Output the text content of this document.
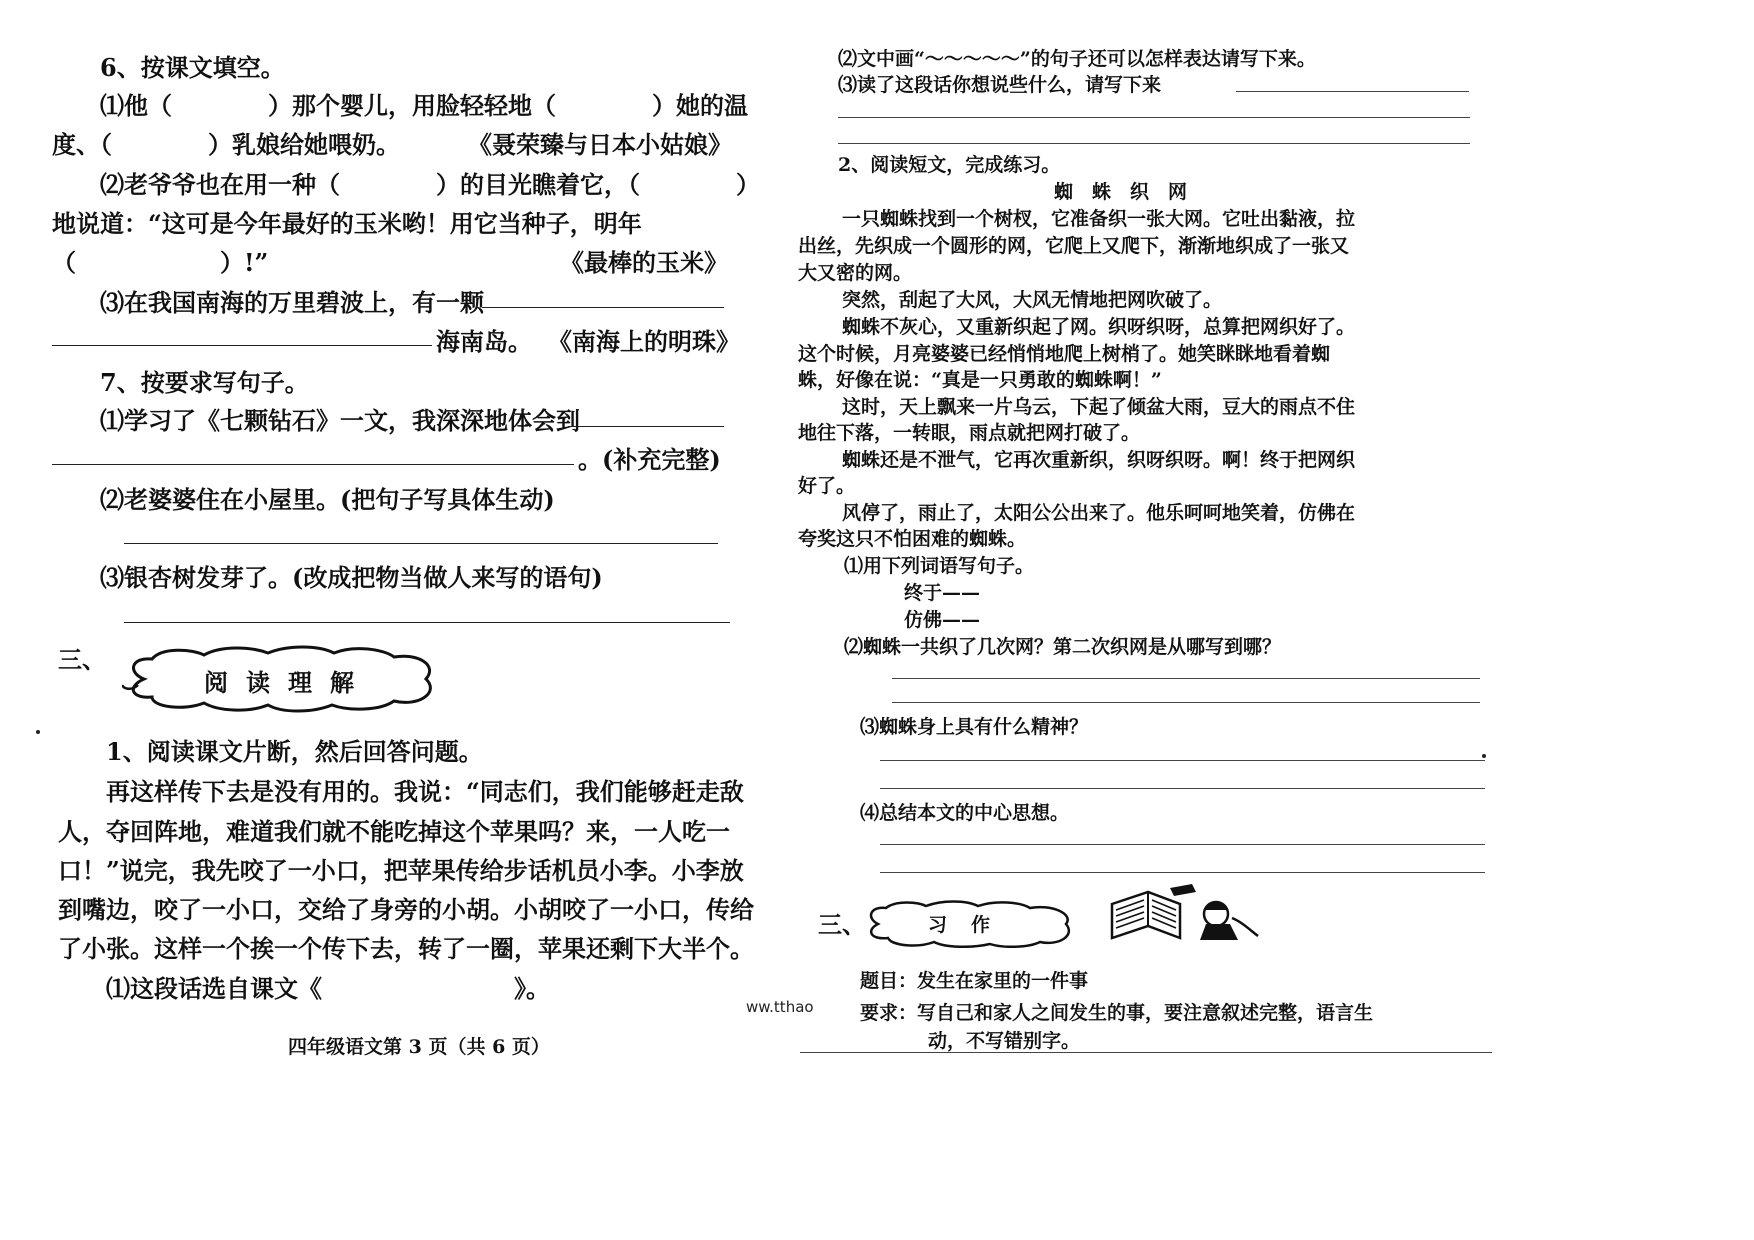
6、按课文填空。
⑴他（　　　　）那个婴儿，用脸轻轻地（　　　　）她的温
度、（　　　　）乳娘给她喂奶。	《聂荣臻与日本小姑娘》
⑵老爷爷也在用一种（　　　　）的目光瞧着它，（　　　　）
地说道：“这可是今年最好的玉米哟！用它当种子，明年
（　　　　　　）!”	《最棒的玉米》
⑶在我国南海的万里碧波上，有一颗
海南岛。 《南海上的明珠》
7、按要求写句子。
⑴学习了《七颗钻石》一文，我深深地体会到
。(补充完整)
⑵老婆婆住在小屋里。(把句子写具体生动)
⑶银杏树发芽了。(改成把物当做人来写的语句)
三、
阅读理解
1、阅读课文片断，然后回答问题。
再这样传下去是没有用的。我说：“同志们，我们能够赶走敌
人，夺回阵地，难道我们就不能吃掉这个苹果吗？来，一人吃一
口！”说完，我先咬了一小口，把苹果传给步话机员小李。小李放
到嘴边，咬了一小口，交给了身旁的小胡。小胡咬了一小口，传给
了小张。这样一个挨一个传下去，转了一圈，苹果还剩下大半个。
⑴这段话选自课文《　　　　　　　　》。
四年级语文第 3 页（共 6 页）
⑵文中画“～～～～～”的句子还可以怎样表达请写下来。
⑶读了这段话你想说些什么，请写下来
2、阅读短文，完成练习。
蜘　蛛　织　网
一只蜘蛛找到一个树杈，它准备织一张大网。它吐出黏液，拉
出丝，先织成一个圆形的网，它爬上又爬下，渐渐地织成了一张又
大又密的网。
突然，刮起了大风，大风无情地把网吹破了。
蜘蛛不灰心，又重新织起了网。织呀织呀，总算把网织好了。
这个时候，月亮婆婆已经悄悄地爬上树梢了。她笑眯眯地看着蜘
蛛，好像在说：“真是一只勇敢的蜘蛛啊！”
这时，天上飘来一片乌云，下起了倾盆大雨，豆大的雨点不住
地往下落，一转眼，雨点就把网打破了。
蜘蛛还是不泄气，它再次重新织，织呀织呀。啊！终于把网织
好了。
风停了，雨止了，太阳公公出来了。他乐呵呵地笑着，仿佛在
夸奖这只不怕困难的蜘蛛。
⑴用下列词语写句子。
终于——
仿佛——
⑵蜘蛛一共织了几次网？第二次织网是从哪写到哪？
⑶蜘蛛身上具有什么精神？
⑷总结本文的中心思想。
三、	习作
题目：发生在家里的一件事
要求：写自己和家人之间发生的事，要注意叙述完整，语言生
动，不写错别字。
ww.tthao
